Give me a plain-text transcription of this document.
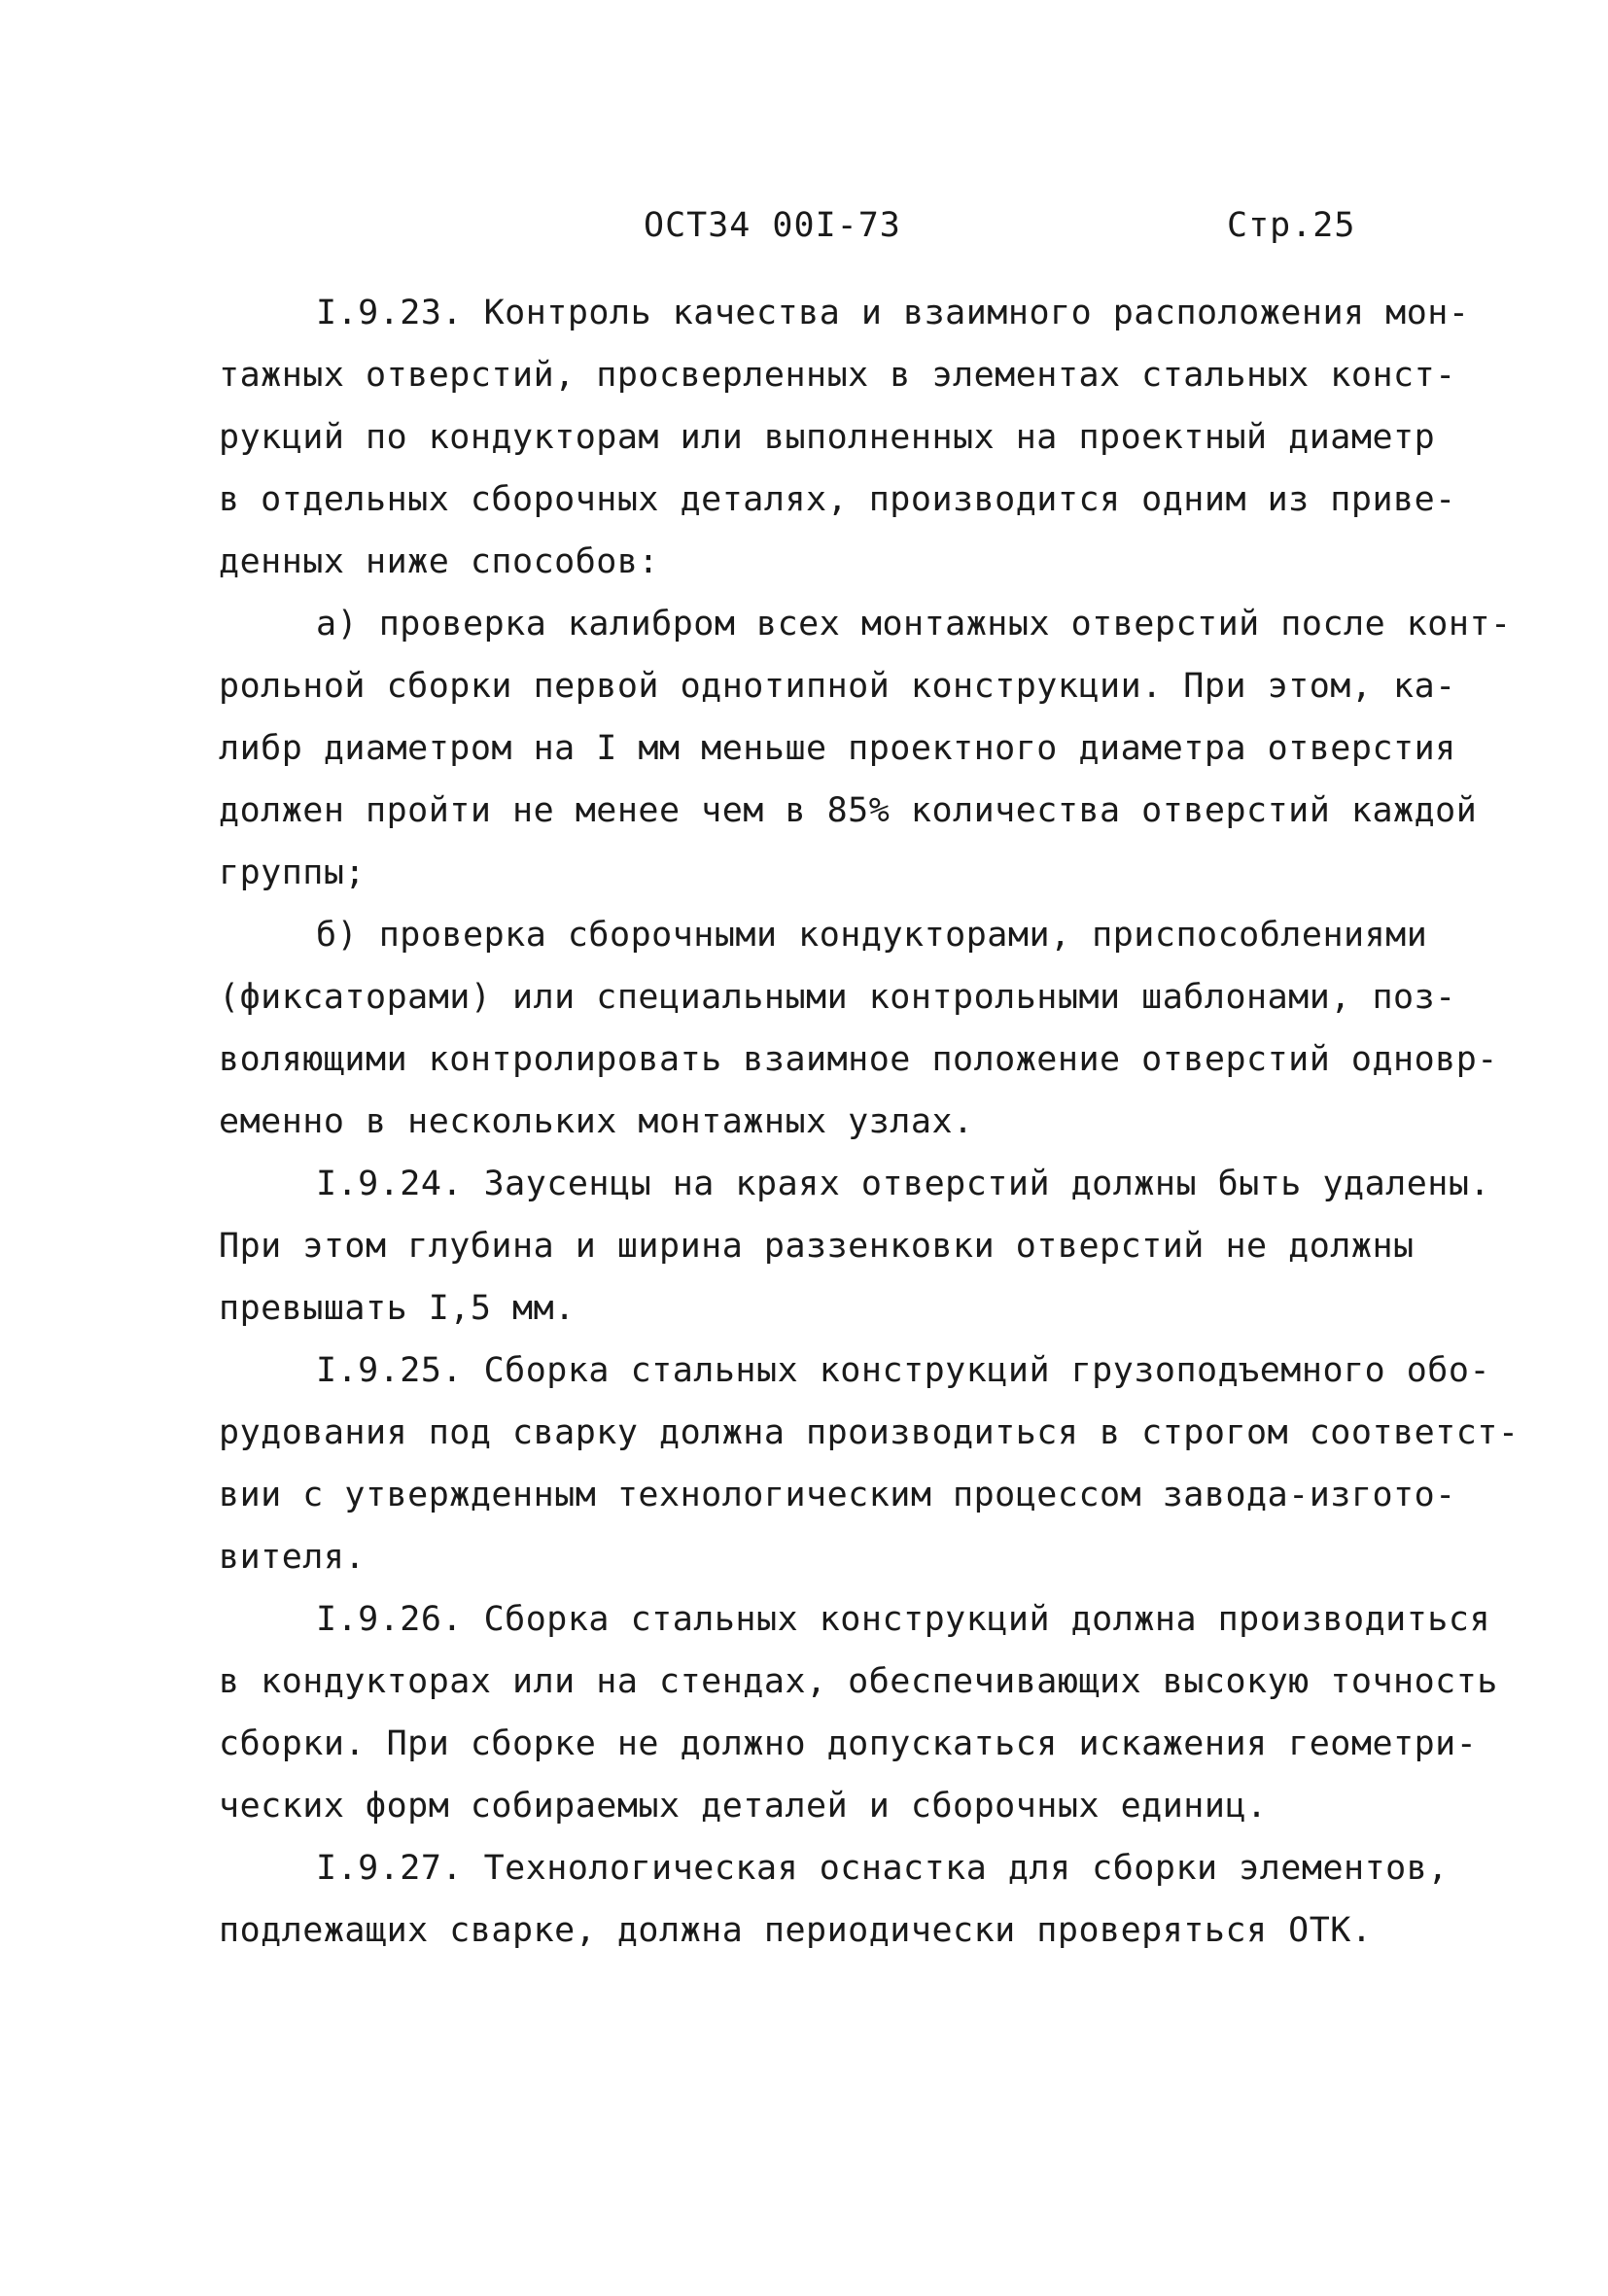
ОСТ34 00I-73	Стр.25
I.9.23. Контроль качества и взаимного расположения мон-
тажных отверстий, просверленных в элементах стальных конст-
рукций по кондукторам или выполненных на проектный диаметр
в отдельных сборочных деталях, производится одним из приве-
денных ниже способов:
а) проверка калибром всех монтажных отверстий после конт-
рольной сборки первой однотипной конструкции. При этом, ка-
либр диаметром на I мм меньше проектного диаметра отверстия
должен пройти не менее чем в 85% количества отверстий каждой
группы;
б) проверка сборочными кондукторами, приспособлениями
(фиксаторами) или специальными контрольными шаблонами, поз-
воляющими контролировать взаимное положение отверстий одновр-
еменно в нескольких монтажных узлах.
I.9.24. Заусенцы на краях отверстий должны быть удалены.
При этом глубина и ширина раззенковки отверстий не должны
превышать I,5 мм.
I.9.25. Сборка стальных конструкций грузоподъемного обо-
рудования под сварку должна производиться в строгом соответст-
вии с утвержденным технологическим процессом завода-изгото-
вителя.
I.9.26. Сборка стальных конструкций должна производиться
в кондукторах или на стендах, обеспечивающих высокую точность
сборки. При сборке не должно допускаться искажения геометри-
ческих форм собираемых деталей и сборочных единиц.
I.9.27. Технологическая оснастка для сборки элементов,
подлежащих сварке, должна периодически проверяться ОТК.
